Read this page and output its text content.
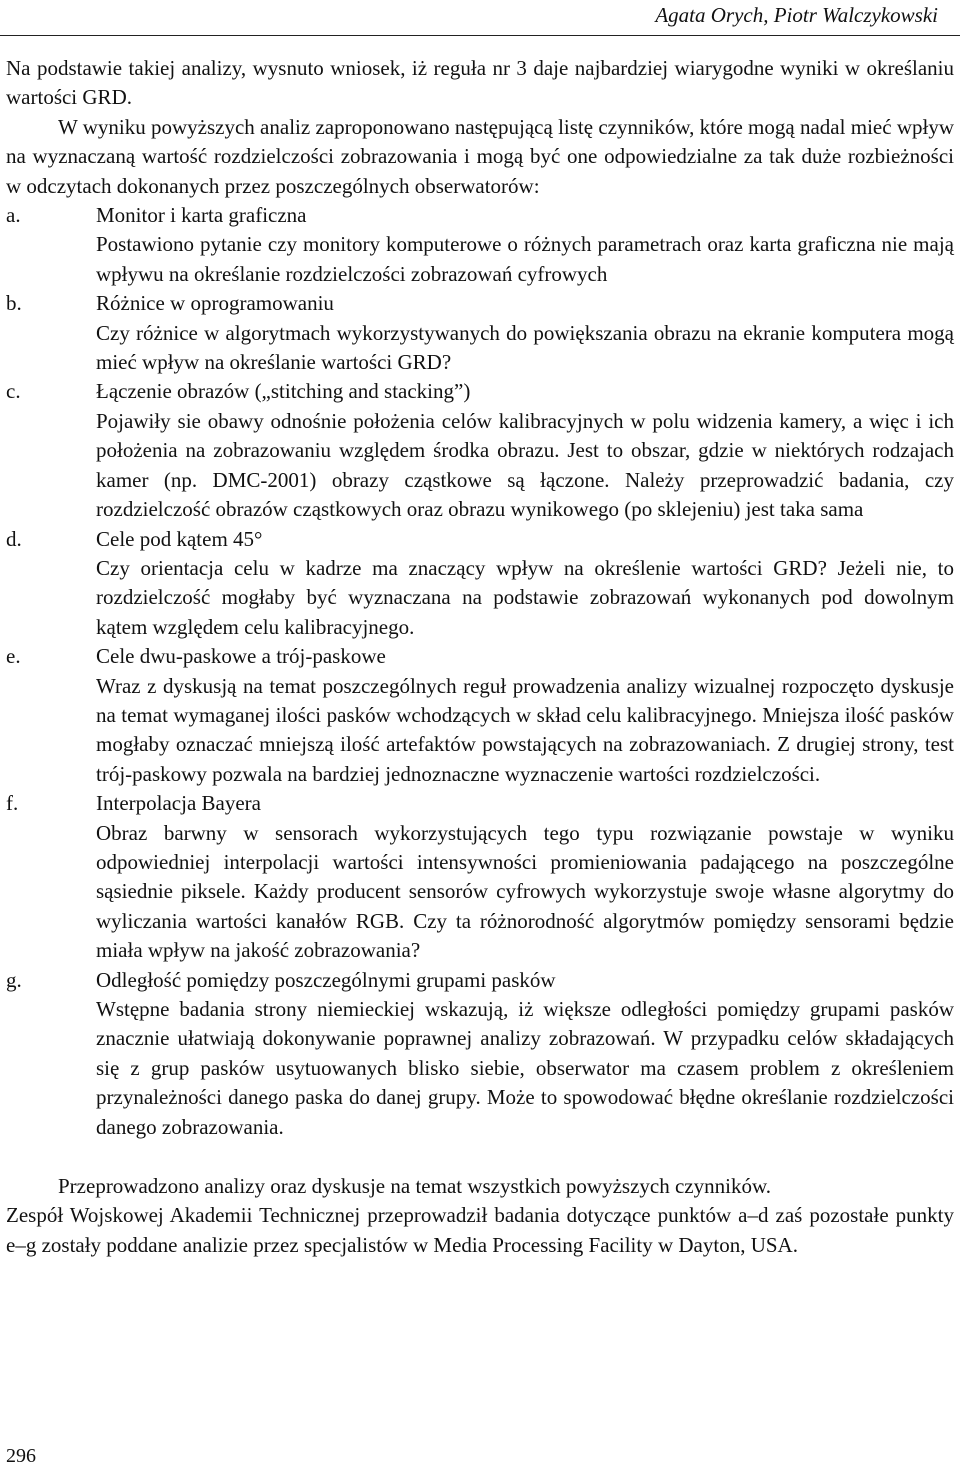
Agata Orych, Piotr Walczykowski

Na podstawie takiej analizy, wysnuto wniosek, iż reguła nr 3 daje najbardziej wiarygodne wyniki w określaniu wartości GRD.

W wyniku powyższych analiz zaproponowano następującą listę czynników, które mogą nadal mieć wpływ na wyznaczaną wartość rozdzielczości zobrazowania i mogą być one odpowiedzialne za tak duże rozbieżności w odczytach dokonanych przez poszczególnych obserwatorów:

a.	Monitor i karta graficzna
Postawiono pytanie czy monitory komputerowe o różnych parametrach oraz karta graficzna nie mają wpływu na określanie rozdzielczości zobrazowań cyfrowych
b.	Różnice w oprogramowaniu
Czy różnice w algorytmach wykorzystywanych do powiększania obrazu na ekranie komputera mogą mieć wpływ na określanie wartości GRD?
c.	Łączenie obrazów („stitching and stacking”)
Pojawiły sie obawy odnośnie położenia celów kalibracyjnych w polu widzenia kamery, a więc i ich położenia na zobrazowaniu względem środka obrazu. Jest to obszar, gdzie w niektórych rodzajach kamer (np. DMC-2001) obrazy cząstkowe są łączone. Należy przeprowadzić badania, czy rozdzielczość obrazów cząstkowych oraz obrazu wynikowego (po sklejeniu) jest taka sama
d.	Cele pod kątem 45°
Czy orientacja celu w kadrze ma znaczący wpływ na określenie wartości GRD? Jeżeli nie, to rozdzielczość mogłaby być wyznaczana na podstawie zobrazowań wykonanych pod dowolnym kątem względem celu kalibracyjnego.
e.	Cele dwu-paskowe a trój-paskowe
Wraz z dyskusją na temat poszczególnych reguł prowadzenia analizy wizualnej rozpoczęto dyskusje na temat wymaganej ilości pasków wchodzących w skład celu kalibracyjnego. Mniejsza ilość pasków mogłaby oznaczać mniejszą ilość artefaktów powstających na zobrazowaniach. Z drugiej strony, test trój-paskowy pozwala na bardziej jednoznaczne wyznaczenie wartości rozdzielczości.
f.	Interpolacja Bayera
Obraz barwny w sensorach wykorzystujących tego typu rozwiązanie powstaje w wyniku odpowiedniej interpolacji wartości intensywności promieniowania padającego na poszczególne sąsiednie piksele. Każdy producent sensorów cyfrowych wykorzystuje swoje własne algorytmy do wyliczania wartości kanałów RGB. Czy ta różnorodność algorytmów pomiędzy sensorami będzie miała wpływ na jakość zobrazowania?
g.	Odległość pomiędzy poszczególnymi grupami pasków
Wstępne badania strony niemieckiej wskazują, iż większe odległości pomiędzy grupami pasków znacznie ułatwiają dokonywanie poprawnej analizy zobrazowań. W przypadku celów składających się z grup pasków usytuowanych blisko siebie, obserwator ma czasem problem z określeniem przynależności danego paska do danej grupy. Może to spowodować błędne określanie rozdzielczości danego zobrazowania.

Przeprowadzono analizy oraz dyskusje na temat wszystkich powyższych czynników.

Zespół Wojskowej Akademii Technicznej przeprowadził badania dotyczące punktów a–d zaś pozostałe punkty e–g zostały poddane analizie przez specjalistów w Media Processing Facility w Dayton, USA.

296
